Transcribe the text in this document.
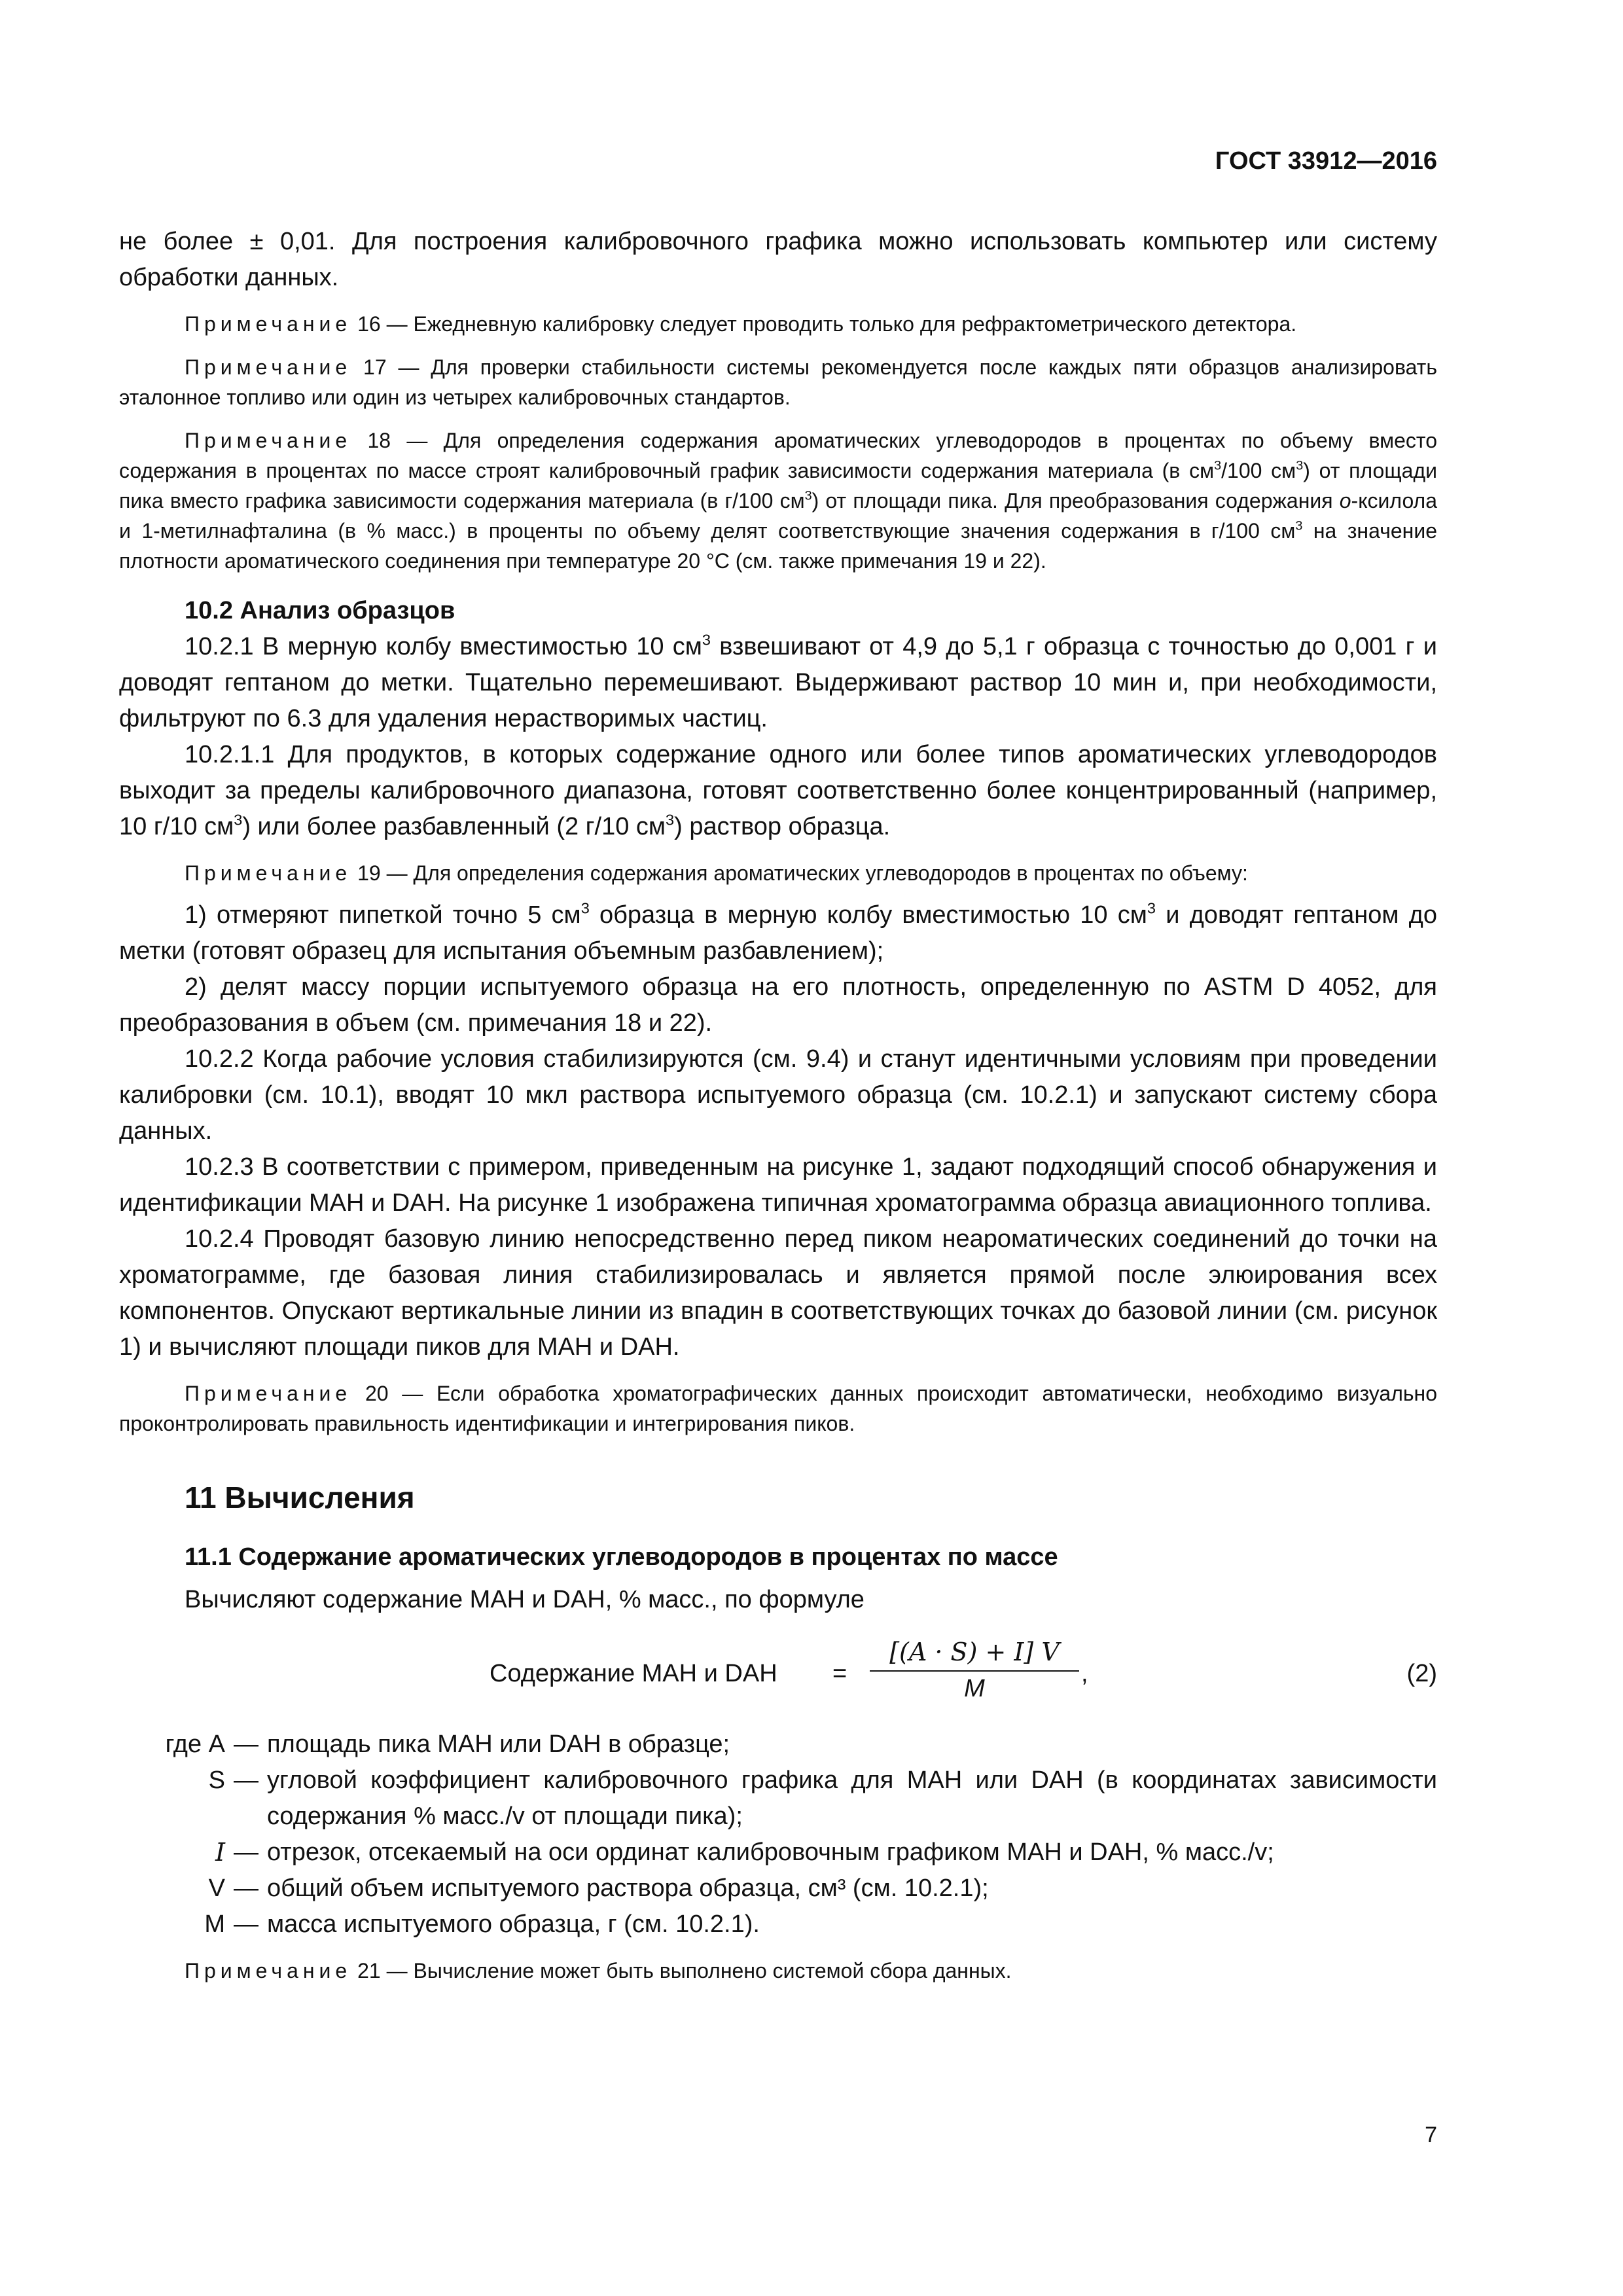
ГОСТ 33912—2016

не более ± 0,01. Для построения калибровочного графика можно использовать компьютер или систему обработки данных.

Примечание 16 — Ежедневную калибровку следует проводить только для рефрактометрического детектора.

Примечание 17 — Для проверки стабильности системы рекомендуется после каждых пяти образцов анализировать эталонное топливо или один из четырех калибровочных стандартов.

Примечание 18 — Для определения содержания ароматических углеводородов в процентах по объему вместо содержания в процентах по массе строят калибровочный график зависимости содержания материала (в $см^3/100$ $см^3$) от площади пика вместо графика зависимости содержания материала (в г/100 $см^3$) от площади пика. Для преобразования содержания о-ксилола и 1-метилнафталина (в % масс.) в проценты по объему делят соответствующие значения содержания в г/100 $см^3$ на значение плотности ароматического соединения при температуре 20 °С (см. также примечания 19 и 22).

10.2 Анализ образцов

10.2.1 В мерную колбу вместимостью 10 $см^3$ взвешивают от 4,9 до 5,1 г образца с точностью до 0,001 г и доводят гептаном до метки. Тщательно перемешивают. Выдерживают раствор 10 мин и, при необходимости, фильтруют по 6.3 для удаления нерастворимых частиц.

10.2.1.1 Для продуктов, в которых содержание одного или более типов ароматических углеводородов выходит за пределы калибровочного диапазона, готовят соответственно более концентрированный (например, 10 г/10 $см^3$) или более разбавленный (2 г/10 $см^3$) раствор образца.

Примечание 19 — Для определения содержания ароматических углеводородов в процентах по объему:

1) отмеряют пипеткой точно 5 $см^3$ образца в мерную колбу вместимостью 10 $см^3$ и доводят гептаном до метки (готовят образец для испытания объемным разбавлением);

2) делят массу порции испытуемого образца на его плотность, определенную по ASTM D 4052, для преобразования в объем (см. примечания 18 и 22).

10.2.2 Когда рабочие условия стабилизируются (см. 9.4) и станут идентичными условиям при проведении калибровки (см. 10.1), вводят 10 мкл раствора испытуемого образца (см. 10.2.1) и запускают систему сбора данных.

10.2.3 В соответствии с примером, приведенным на рисунке 1, задают подходящий способ обнаружения и идентификации МАН и DAH. На рисунке 1 изображена типичная хроматограмма образца авиационного топлива.

10.2.4 Проводят базовую линию непосредственно перед пиком неароматических соединений до точки на хроматограмме, где базовая линия стабилизировалась и является прямой после элюирования всех компонентов. Опускают вертикальные линии из впадин в соответствующих точках до базовой линии (см. рисунок 1) и вычисляют площади пиков для МАН и DAH.

Примечание 20 — Если обработка хроматографических данных происходит автоматически, необходимо визуально проконтролировать правильность идентификации и интегрирования пиков.

11 Вычисления

11.1 Содержание ароматических углеводородов в процентах по массе

Вычисляют содержание МАН и DAH, % масс., по формуле

Содержание МАН и DAH =
[(A · S) + I] V
M
,	(2)
где A — площадь пика МАН или DAH в образце;
S — угловой коэффициент калибровочного графика для МАН или DAH (в координатах зависимости содержания % масс./v от площади пика);
I — отрезок, отсекаемый на оси ординат калибровочным графиком МАН и DAH, % масс./v;
V — общий объем испытуемого раствора образца, см³ (см. 10.2.1);
M — масса испытуемого образца, г (см. 10.2.1).

Примечание 21 — Вычисление может быть выполнено системой сбора данных.

7
